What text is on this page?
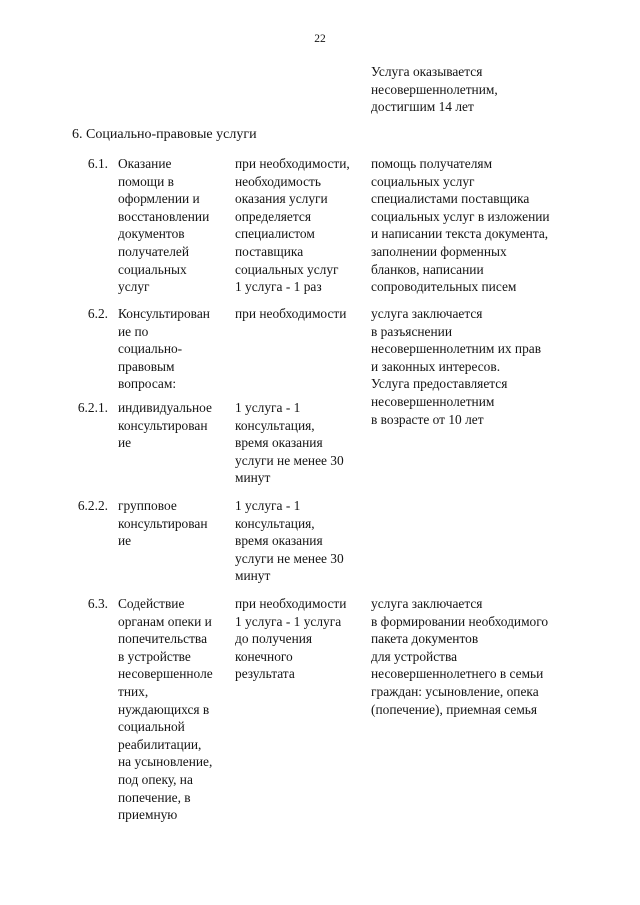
22
Услуга оказывается
несовершеннолетним,
достигшим 14 лет
6. Социально-правовые услуги
6.1. Оказание
помощи в
оформлении и
восстановлении
документов
получателей
социальных
услуг
при необходимости,
необходимость
оказания услуги
определяется
специалистом
поставщика
социальных услуг
1 услуга - 1 раз
помощь получателям
социальных услуг
специалистами поставщика
социальных услуг в изложении
и написании текста документа,
заполнении форменных
бланков, написании
сопроводительных писем
6.2. Консультирован
ие по
социально-
правовым
вопросам:
при необходимости	услуга заключается
в разъяснении
несовершеннолетним их прав
и законных интересов.
Услуга предоставляется
несовершеннолетним
в возрасте от 10 лет
6.2.1. индивидуальное
консультирован
ие
1 услуга - 1
консультация,
время оказания
услуги не менее 30
минут
6.2.2. групповое
консультирован
ие
1 услуга - 1
консультация,
время оказания
услуги не менее 30
минут
6.3. Содействие
органам опеки и
попечительства
в устройстве
несовершеннолe
тних,
нуждающихся в
социальной
реабилитации,
на усыновление,
под опеку, на
попечение, в
приемную
при необходимости
1 услуга - 1 услуга
до получения
конечного
результата
услуга заключается
в формировании необходимого
пакета документов
для устройства
несовершеннолетнего в семьи
граждан: усыновление, опека
(попечение), приемная семья
